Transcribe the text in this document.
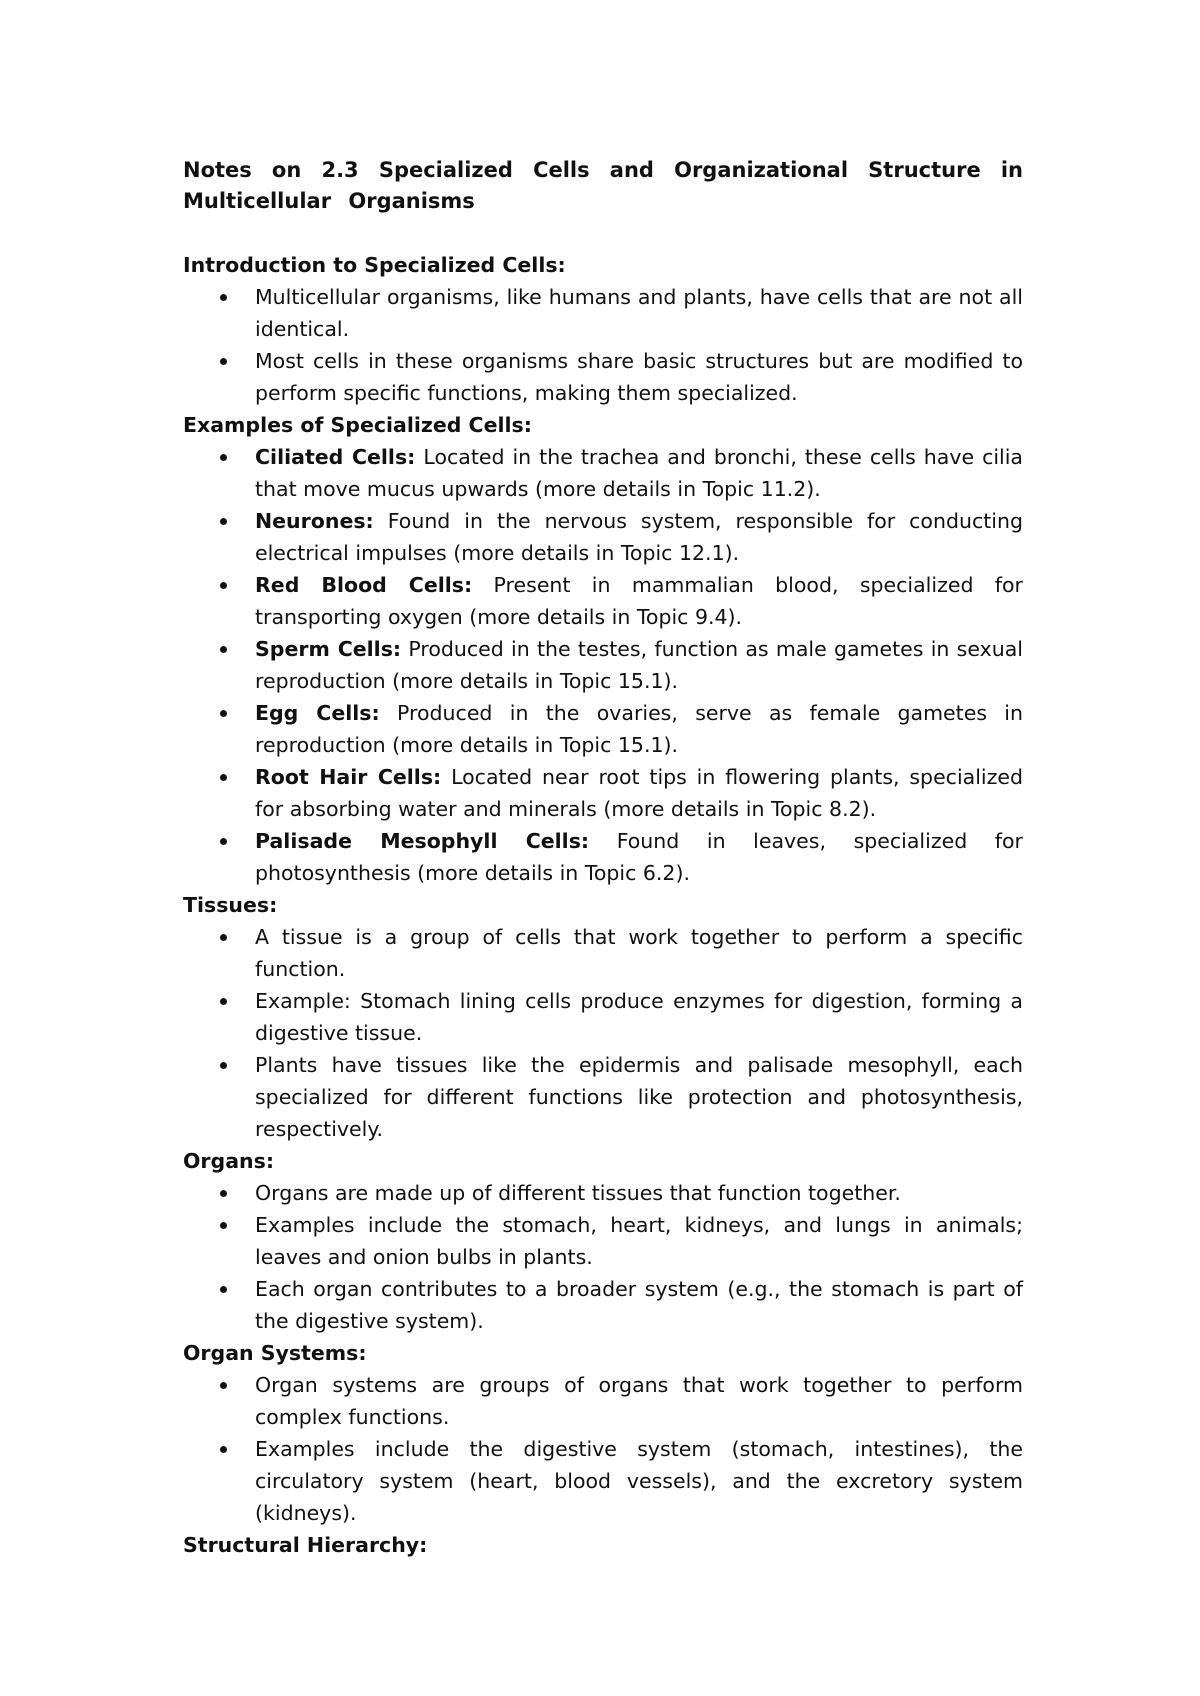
Notes on 2.3 Specialized Cells and Organizational Structure in Multicellular Organisms

Introduction to Specialized Cells:

Multicellular organisms, like humans and plants, have cells that are not all identical.
Most cells in these organisms share basic structures but are modified to perform specific functions, making them specialized.

Examples of Specialized Cells:

Ciliated Cells: Located in the trachea and bronchi, these cells have cilia that move mucus upwards (more details in Topic 11.2).
Neurones: Found in the nervous system, responsible for conducting electrical impulses (more details in Topic 12.1).
Red Blood Cells: Present in mammalian blood, specialized for transporting oxygen (more details in Topic 9.4).
Sperm Cells: Produced in the testes, function as male gametes in sexual reproduction (more details in Topic 15.1).
Egg Cells: Produced in the ovaries, serve as female gametes in reproduction (more details in Topic 15.1).
Root Hair Cells: Located near root tips in flowering plants, specialized for absorbing water and minerals (more details in Topic 8.2).
Palisade Mesophyll Cells: Found in leaves, specialized for photosynthesis (more details in Topic 6.2).

Tissues:

A tissue is a group of cells that work together to perform a specific function.
Example: Stomach lining cells produce enzymes for digestion, forming a digestive tissue.
Plants have tissues like the epidermis and palisade mesophyll, each specialized for different functions like protection and photosynthesis, respectively.

Organs:

Organs are made up of different tissues that function together.
Examples include the stomach, heart, kidneys, and lungs in animals; leaves and onion bulbs in plants.
Each organ contributes to a broader system (e.g., the stomach is part of the digestive system).

Organ Systems:

Organ systems are groups of organs that work together to perform complex functions.
Examples include the digestive system (stomach, intestines), the circulatory system (heart, blood vessels), and the excretory system (kidneys).

Structural Hierarchy:
